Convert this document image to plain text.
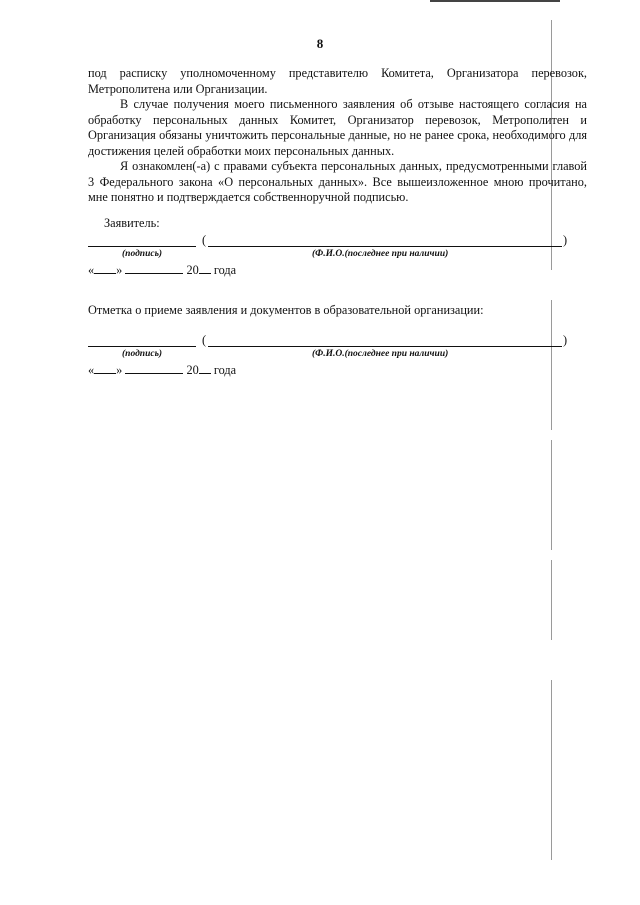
8

под расписку уполномоченному представителю Комитета, Организатора перевозок, Метрополитена или Организации.

В случае получения моего письменного заявления об отзыве настоящего согласия на обработку персональных данных Комитет, Организатор перевозок, Метрополитен и Организация обязаны уничтожить персональные данные, но не ранее срока, необходимого для достижения целей обработки моих персональных данных.

Я ознакомлен(-а) с правами субъекта персональных данных, предусмотренными главой 3 Федерального закона «О персональных данных». Все вышеизложенное мною прочитано, мне понятно и подтверждается собственноручной подписью.

Заявитель:
(	)
(подпись)	(Ф.И.О.(последнее при наличии)
« »	20 года
Отметка о приеме заявления и документов в образовательной организации:
(	)
(подпись)	(Ф.И.О.(последнее при наличии)
« »	20 года
